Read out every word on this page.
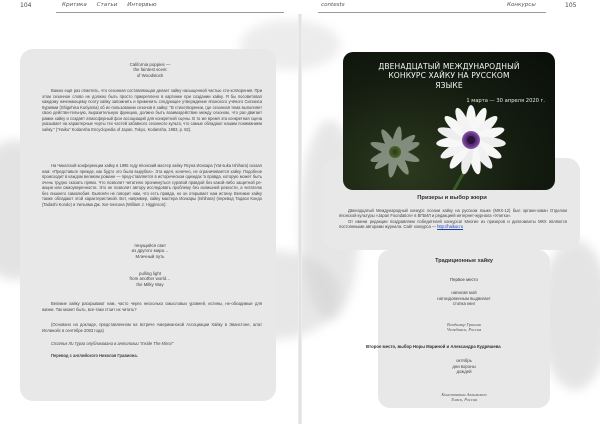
104	Критика Статьи Интервью	contests	Конкурсы	105
California poppies —
the faintest scent
of Woodstock

Важно ещё раз отметить, что сезонная составляющая делает хайку насыщенной частью сти-хотворения. При этом сезонное слово не должно быть просто прикреплено в картинке при создании хайку. Я бы посоветовал каждому начинающему поэту хайку запомнить и применить следующее утверждение японского учёного Сигэхиса Куриями (Shigehisa Kuriyama) об ис-пользовании сезонов в хайку: "В стихотворении, где сезонная тема выполняет свою действи-тельную, выразительную функцию, должно быть взаимодействие между сезоном, что рас-двигает рамки хайку и создаёт атмосферный фон ассоциаций для конкретной сцены. В то же время эта конкретная сцена указывает на характерные черты тех частей забавного сезонного культа, что самые обладают нашим пониманием хайку." ("Haiku" Kodansha Encyclopedia of Japan, Tokyo, Kodansha, 1983, p. 82).

На Чикагской конференции хайку в 1995 году японский мастер хайку Ясуна Исихара (Yat-suka Ishihara) сказал нам: «Представьте прежде, как будто это была вырубка». Эта идея, конечно, не ограничивается хайку. Подобное происходит в каждом великом романе — пред-ставляется в историческом одеждах 'а правда, которую может быть очень трудно сказать прямо. Что позволит читателю проникнуться суровой правдой без какой-либо защитной ре-акции или самоуверенности. Это не позволит автору исследовать проблему без излишней резкости, а читателю без лишнего самолюбия. Выяснён не говорит нам, что есть правда, но он открывает нам истину. Великие хайку также обладают этой характеристикой. Вот, например, хайку мастера Исихары (Ishihara) (перевод Тадаси Кондо (Tadashi Kondo) и Уильяма Дж. Хиг-гинсона (William J. Higginson):

тянущийся свет
из другого мира…
Млечный путь
pulling light
from another world…
the Milky Way

Великие хайку раскрывают нам, часто через несколько смысловых уровней, истины, не-обходимые для жизни. Так может быть, все-таки стоит их читать?

(Основано на докладе, представленном на встрече Американской Ассоциации Хайку в Эванстоне, штат Иллинойс в сентябре 2003 года)

Статья Ли Гурга опубликована в антологии "Inside The Mirror"

Перевод с английского Николая Гравиона.

ДВЕНАДЦАТЫЙ МЕЖДУНАРОДНЫЙ
КОНКУРС ХАЙКУ НА РУССКОМ
ЯЗЫКЕ
1 марта — 30 апреля 2020 г.
Призеры и выбор жюри

Двенадцатый Международный конкурс поэзии хайку на русском языке (МКХ-12) был органи-зован Отделом японской культуры «Japan Foundation» в ВГБИЛ и редакцией интернет-журнала «Улитка».

От имени редакции поздравляем победителей конкурса! Многие из призеров и дипломанты МКХ являются постоянными авторами журнала. Сайт конкурса — http://haikur.ru

Традиционные хайку
Первое место
написав мой
натоидовенным выдвигает
стопка книг
Владимир Гришин
Челябинск, Россия
Второе место, выбор Норы Мариной и Александра Кудряшева
октябрь
дни вороны
дождей
Константин Авхимович
Томск, Россия
